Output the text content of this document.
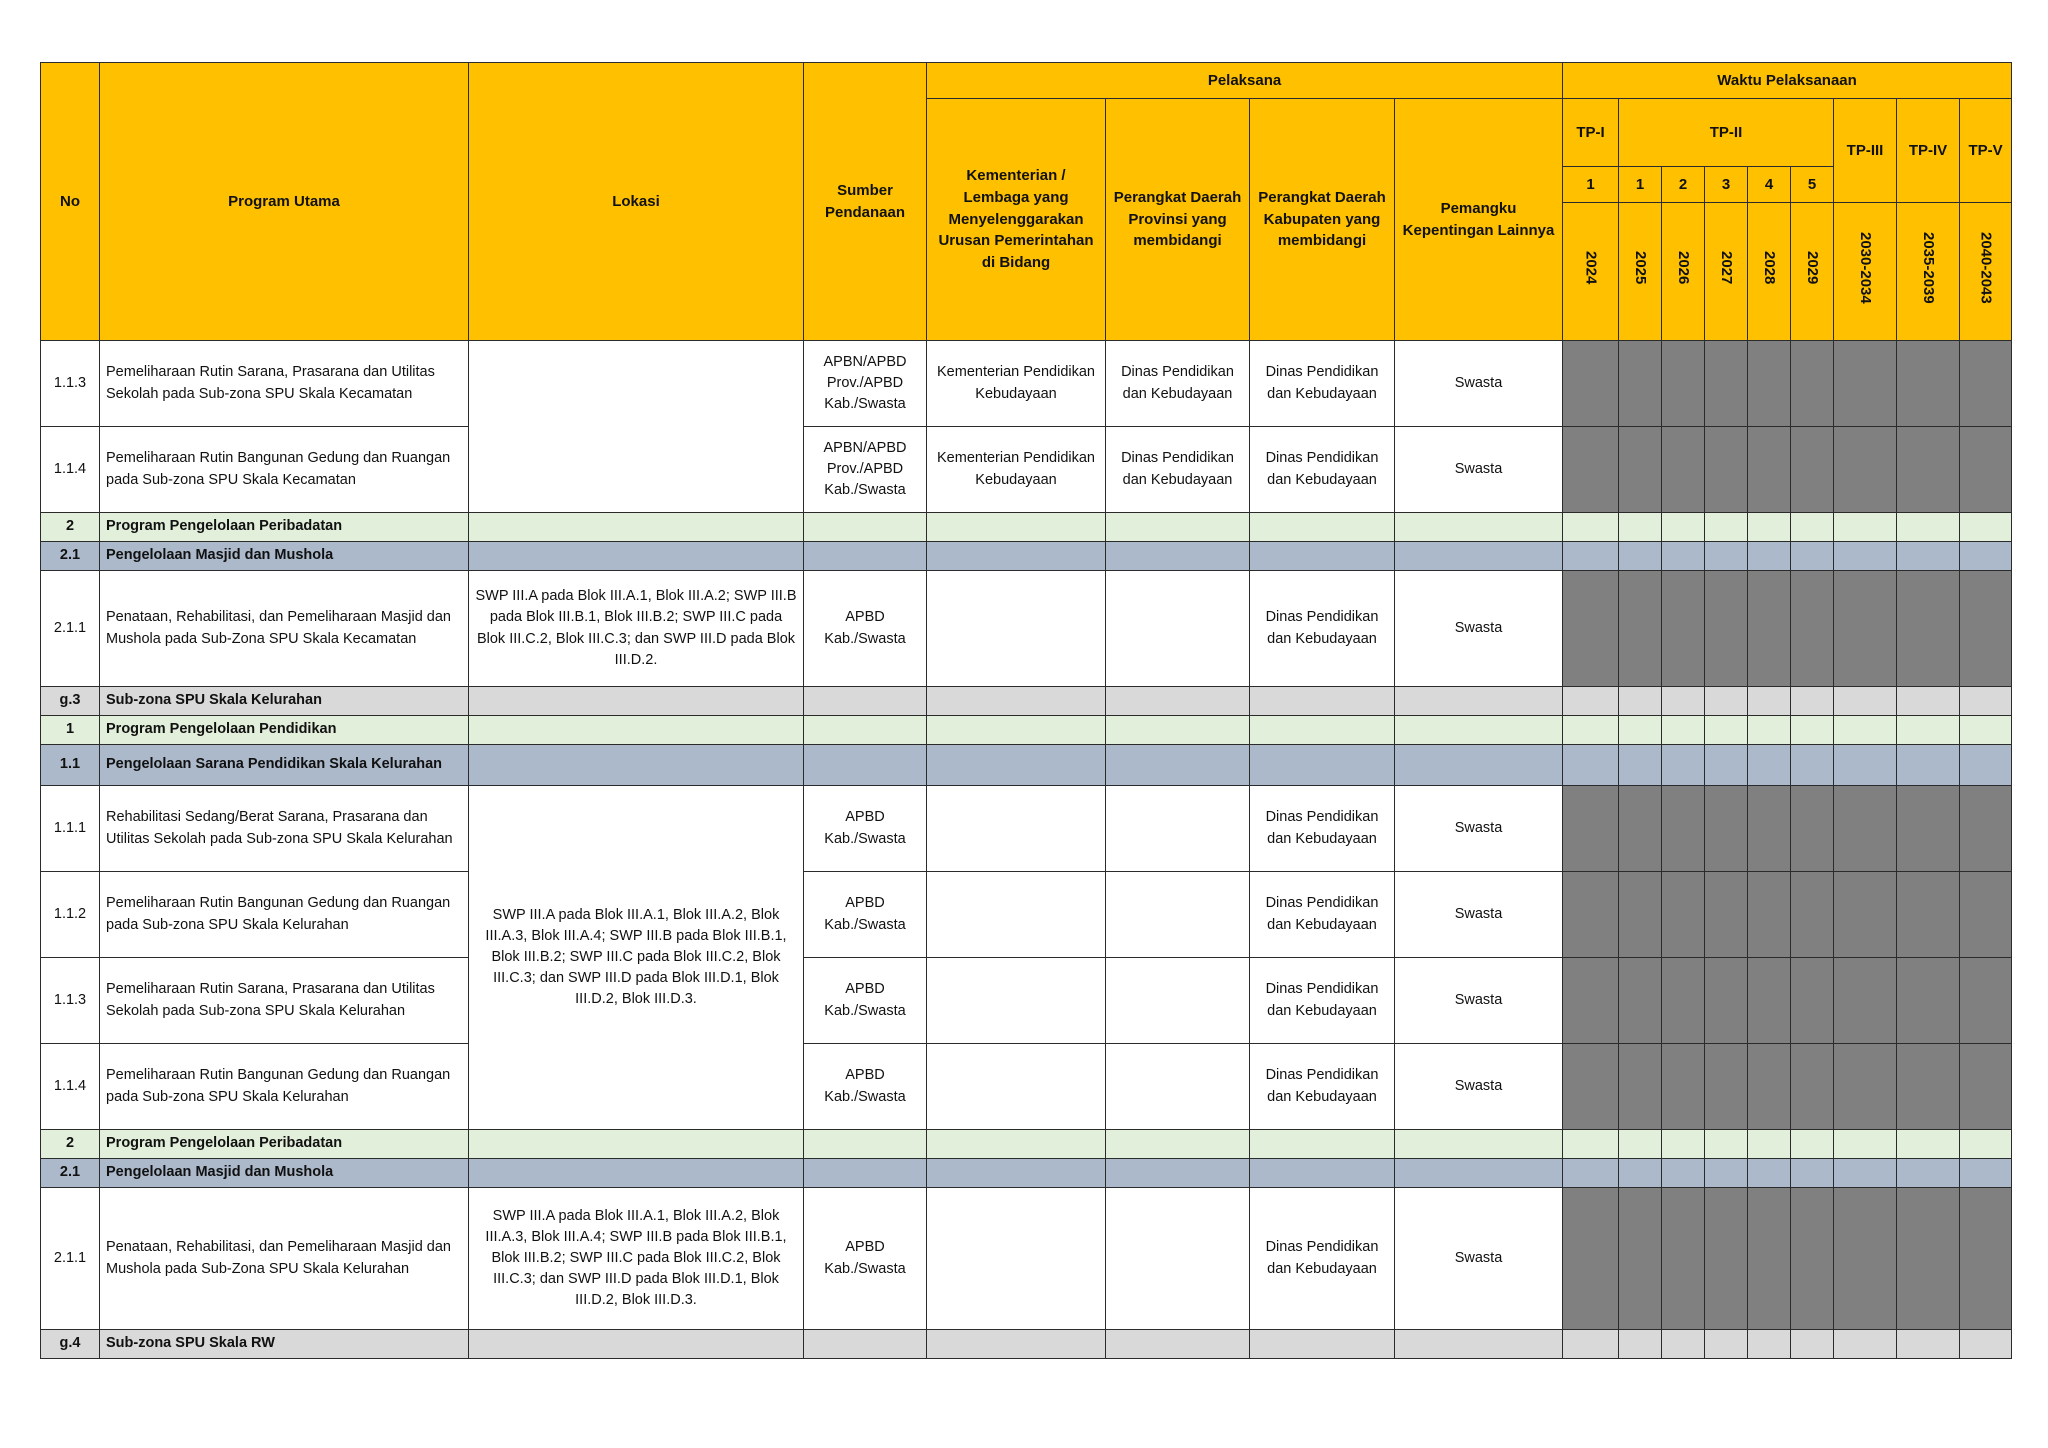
No	Program Utama	Lokasi	Sumber Pendanaan	Pelaksana				Waktu Pelaksanaan								
				Kementerian / Lembaga yang Menyelenggarakan Urusan Pemerintahan di Bidang	Perangkat Daerah Provinsi yang membidangi	Perangkat Daerah Kabupaten yang membidangi	Pemangku Kepentingan Lainnya	TP-I	TP-II					TP-III	TP-IV	TP-V
								1	1	2	3	4	5			
								2024	2025	2026	2027	2028	2029	2030-2034	2035-2039	2040-2043
1.1.3	Pemeliharaan Rutin Sarana, Prasarana dan Utilitas Sekolah pada Sub-zona SPU Skala Kecamatan		APBN/APBD Prov./APBD Kab./Swasta	Kementerian Pendidikan Kebudayaan	Dinas Pendidikan dan Kebudayaan	Dinas Pendidikan dan Kebudayaan	Swasta									
1.1.4	Pemeliharaan Rutin Bangunan Gedung dan Ruangan pada Sub-zona SPU Skala Kecamatan		APBN/APBD Prov./APBD Kab./Swasta	Kementerian Pendidikan Kebudayaan	Dinas Pendidikan dan Kebudayaan	Dinas Pendidikan dan Kebudayaan	Swasta									
2	Program Pengelolaan Peribadatan															
2.1	Pengelolaan Masjid dan Mushola															
2.1.1	Penataan, Rehabilitasi, dan Pemeliharaan Masjid dan Mushola pada Sub-Zona SPU Skala Kecamatan	SWP III.A pada Blok III.A.1, Blok III.A.2; SWP III.B pada Blok III.B.1, Blok III.B.2; SWP III.C pada Blok III.C.2, Blok III.C.3; dan SWP III.D pada Blok III.D.2.	APBD Kab./Swasta			Dinas Pendidikan dan Kebudayaan	Swasta									
g.3	Sub-zona SPU Skala Kelurahan															
1	Program Pengelolaan Pendidikan															
1.1	Pengelolaan Sarana Pendidikan Skala Kelurahan															
1.1.1	Rehabilitasi Sedang/Berat Sarana, Prasarana dan Utilitas Sekolah pada Sub-zona SPU Skala Kelurahan	SWP III.A pada Blok III.A.1, Blok III.A.2, Blok III.A.3, Blok III.A.4; SWP III.B pada Blok III.B.1, Blok III.B.2; SWP III.C pada Blok III.C.2, Blok III.C.3; dan SWP III.D pada Blok III.D.1, Blok III.D.2, Blok III.D.3.	APBD Kab./Swasta			Dinas Pendidikan dan Kebudayaan	Swasta									
1.1.2	Pemeliharaan Rutin Bangunan Gedung dan Ruangan pada Sub-zona SPU Skala Kelurahan		APBD Kab./Swasta			Dinas Pendidikan dan Kebudayaan	Swasta									
1.1.3	Pemeliharaan Rutin Sarana, Prasarana dan Utilitas Sekolah pada Sub-zona SPU Skala Kelurahan		APBD Kab./Swasta			Dinas Pendidikan dan Kebudayaan	Swasta									
1.1.4	Pemeliharaan Rutin Bangunan Gedung dan Ruangan pada Sub-zona SPU Skala Kelurahan		APBD Kab./Swasta			Dinas Pendidikan dan Kebudayaan	Swasta									
2	Program Pengelolaan Peribadatan															
2.1	Pengelolaan Masjid dan Mushola															
2.1.1	Penataan, Rehabilitasi, dan Pemeliharaan Masjid dan Mushola pada Sub-Zona SPU Skala Kelurahan	SWP III.A pada Blok III.A.1, Blok III.A.2, Blok III.A.3, Blok III.A.4; SWP III.B pada Blok III.B.1, Blok III.B.2; SWP III.C pada Blok III.C.2, Blok III.C.3; dan SWP III.D pada Blok III.D.1, Blok III.D.2, Blok III.D.3.	APBD Kab./Swasta			Dinas Pendidikan dan Kebudayaan	Swasta									
g.4	Sub-zona SPU Skala RW															
